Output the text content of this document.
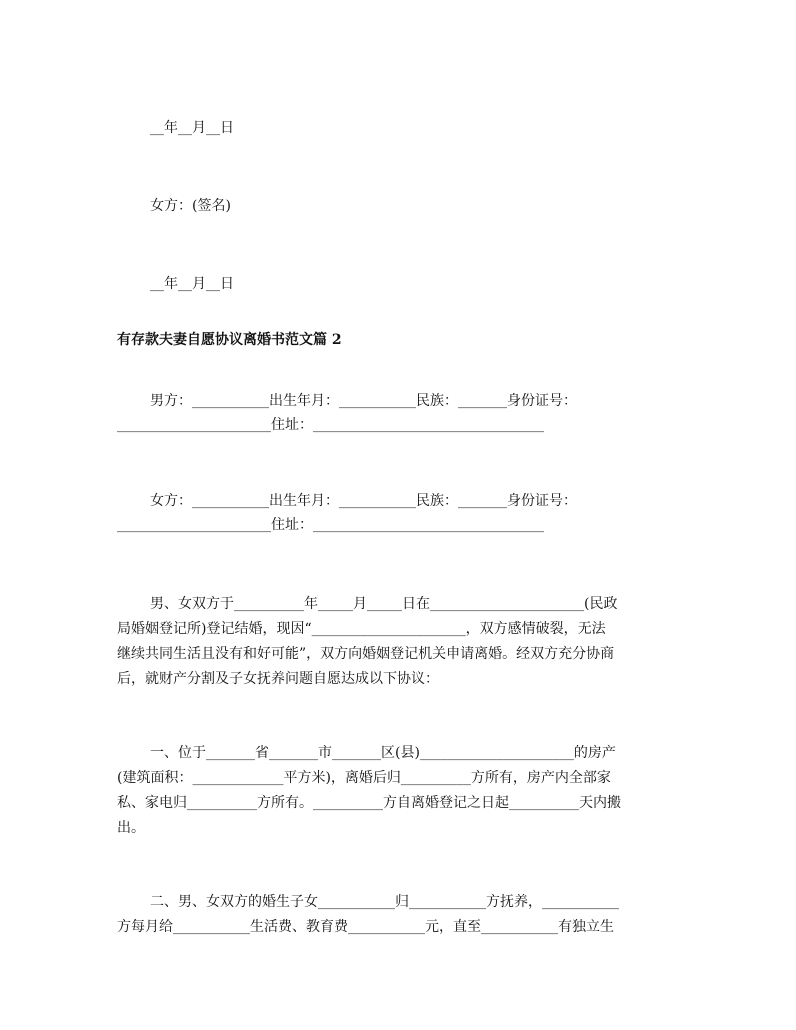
__年__月__日
女方：(签名)
__年__月__日
有存款夫妻自愿协议离婚书范文篇 2
男方：___________出生年月：___________民族：_______身份证号：
______________________住址：_________________________________
女方：___________出生年月：___________民族：_______身份证号：
______________________住址：_________________________________
男、女双方于__________年_____月_____日在______________________(民政
局婚姻登记所)登记结婚，现因“______________________，双方感情破裂，无法
继续共同生活且没有和好可能”，双方向婚姻登记机关申请离婚。经双方充分协商
后，就财产分割及子女抚养问题自愿达成以下协议：
一、位于_______省_______市_______区(县)______________________的房产
(建筑面积：_____________平方米)，离婚后归__________方所有，房产内全部家
私、家电归__________方所有。__________方自离婚登记之日起__________天内搬
出。
二、男、女双方的婚生子女___________归___________方抚养，___________
方每月给___________生活费、教育费___________元，直至___________有独立生
